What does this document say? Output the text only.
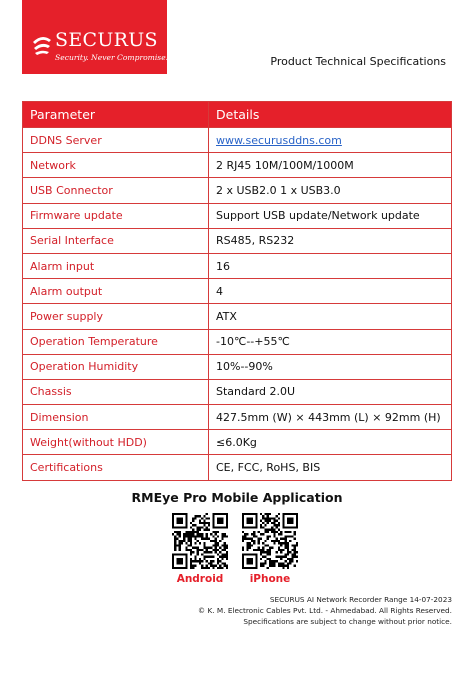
SECURUS ®
Security. Never Compromise!	Product Technical Specifications
Parameter	Details
DDNS Server	www.securusddns.com
Network	2 RJ45 10M/100M/1000M
USB Connector	2 x USB2.0 1 x USB3.0
Firmware update	Support USB update/Network update
Serial Interface	RS485, RS232
Alarm input	16
Alarm output	4
Power supply	ATX
Operation Temperature	-10℃--+55℃
Operation Humidity	10%--90%
Chassis	Standard 2.0U
Dimension	427.5mm (W) × 443mm (L) × 92mm (H)
Weight(without HDD)	≤6.0Kg
Certifications	CE, FCC, RoHS, BIS
RMEye Pro Mobile Application
Android	iPhone
SECURUS AI Network Recorder Range 14-07-2023
© K. M. Electronic Cables Pvt. Ltd. - Ahmedabad. All Rights Reserved.
Specifications are subject to change without prior notice.
